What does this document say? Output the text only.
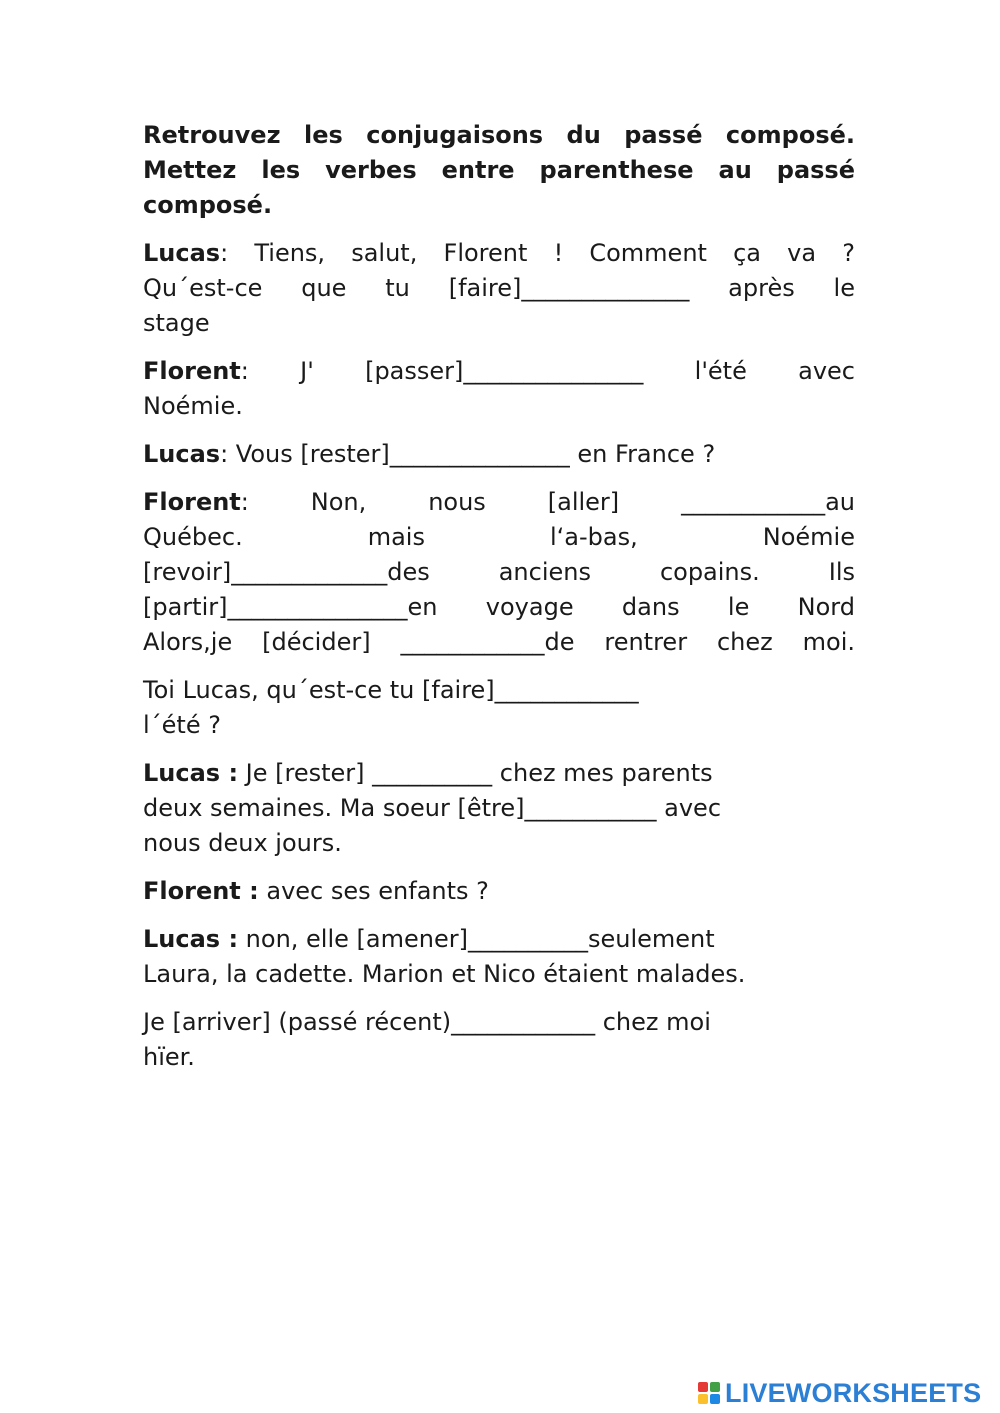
Retrouvez les conjugaisons du passé composé.
Mettez les verbes entre parenthese au passé
composé.
Lucas: Tiens, salut, Florent ! Comment ça va ?
Qu´est-ce que tu [faire]______________ après le
stage
Florent: J' [passer]_______________ l'été avec
Noémie.
Lucas: Vous [rester]_______________ en France ?
Florent: Non, nous [aller] ____________au
Québec. mais l‘a-bas, Noémie
[revoir]_____________des anciens copains. Ils
[partir]_______________en voyage dans le Nord
Alors,je [décider] ____________de rentrer chez moi.
Toi Lucas, qu´est-ce tu [faire]____________
l´été ?
Lucas : Je [rester] __________ chez mes parents
deux semaines. Ma soeur [être]___________ avec
nous deux jours.
Florent : avec ses enfants ?
Lucas : non, elle [amener]__________seulement
Laura, la cadette. Marion et Nico étaient malades.
Je [arriver] (passé récent)____________ chez moi
hïer.
LIVEWORKSHEETS
